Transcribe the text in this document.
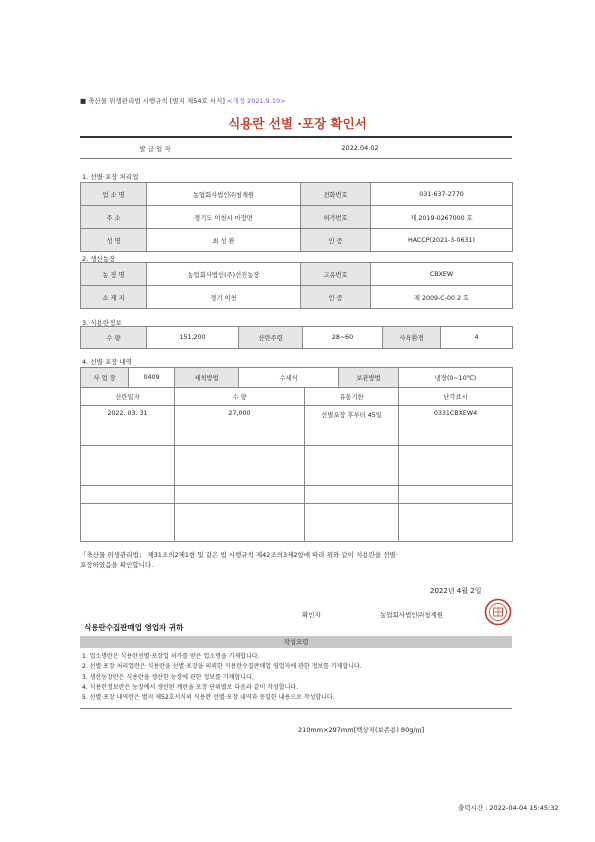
■ 축산물 위생관리법 시행규칙 [별지 제54호 서식] <개정 2021.9.10>
식용란 선별 ·포장 확인서
발 급 일 자	2022.04.02
1. 선별·포장 처리업
업 소 명	농업회사법인㈜청계원	전화번호	031-637-2770
주 소	경기도 이천시 마장면	허가번호	제 2019-0267000 호
성 명	최 성 환	인 증	HACCP(2021-3-0631)
2. 생산농장
농 장 명	농업회사법인(주)선진농장	고유번호	CBXEW
소 재 지	경기 이천	인 증	제 2009-C-00 2 호
3. 식용란정보
수 량	151,200	산란주령	28~60	사육환경	4
4. 선별·포장 내역
사 업 장	0409	세척방법	수세식		보관방법	냉장(0~10℃)
산란일자		수 량		유통기한		난각표시
2022. 03. 31		27,000		선별포장 후부터 45일		0331CBXEW4

「축산물 위생관리법」 제31조의2제1항 및 같은 법 시행규칙 제42조의3제2항에 따라 위와 같이 식용란을 선별·
포장하였음을 확인합니다.
2022년 4월 2일
확인자	농업회사법인㈜청계원
식용란수집판매업 영업자 귀하
작성요령
1. 업소명란은 식용란선별·포장업 허가를 받은 업소명을 기재합니다.
2. 선별·포장 처리업란은 식용란을 선별·포장을 의뢰한 식용란수집판매업 영업자에 관한 정보를 기재합니다.
3. 생산농장란은 식용란을 생산한 농장에 관한 정보를 기재합니다.
4. 식용란정보란은 농장에서 생산된 계란을 포장 단위별로 다음과 같이 작성합니다.
5. 선별·포장 내역란은 별지 제52호서식의 식용란 선별·포장 내역과 동일한 내용으로 작성합니다.
210mm×297mm[백상지(보존용) 80g/㎡]
출력시간 : 2022-04-04 15:45:32
